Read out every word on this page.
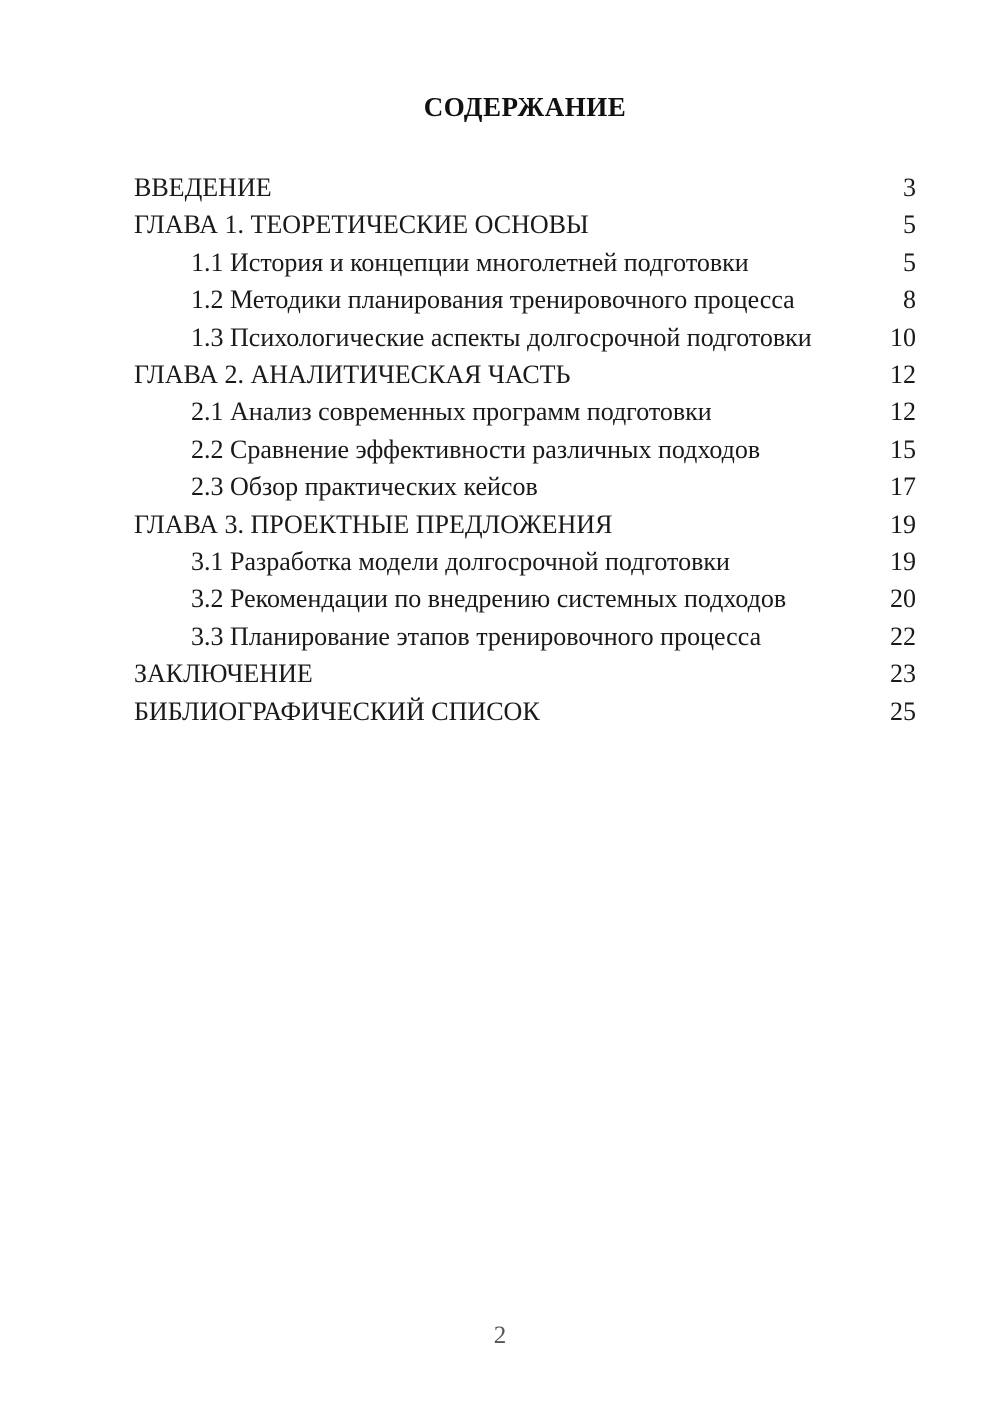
СОДЕРЖАНИЕ
ВВЕДЕНИЕ	3
ГЛАВА 1. ТЕОРЕТИЧЕСКИЕ ОСНОВЫ	5
1.1 История и концепции многолетней подготовки	5
1.2 Методики планирования тренировочного процесса	8
1.3 Психологические аспекты долгосрочной подготовки	10
ГЛАВА 2. АНАЛИТИЧЕСКАЯ ЧАСТЬ	12
2.1 Анализ современных программ подготовки	12
2.2 Сравнение эффективности различных подходов	15
2.3 Обзор практических кейсов	17
ГЛАВА 3. ПРОЕКТНЫЕ ПРЕДЛОЖЕНИЯ	19
3.1 Разработка модели долгосрочной подготовки	19
3.2 Рекомендации по внедрению системных подходов	20
3.3 Планирование этапов тренировочного процесса	22
ЗАКЛЮЧЕНИЕ	23
БИБЛИОГРАФИЧЕСКИЙ СПИСОК	25
2
